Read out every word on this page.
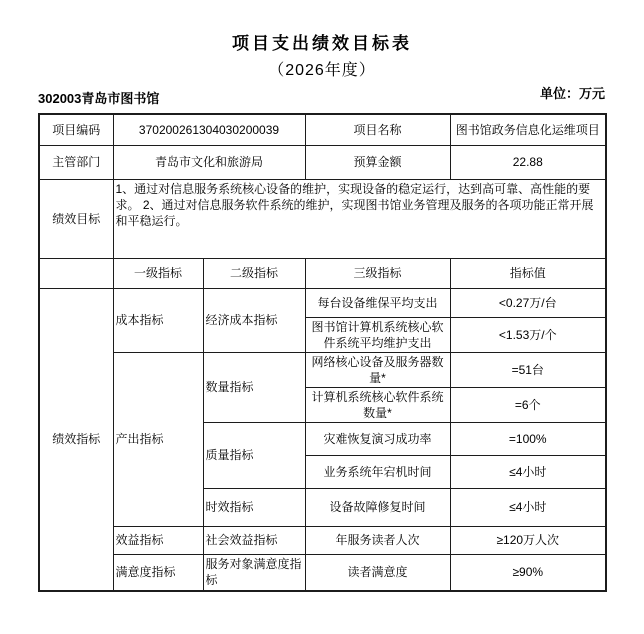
项目支出绩效目标表
（2026年度）
302003青岛市图书馆	单位：万元
项目编码	370200261304030200039		项目名称	图书馆政务信息化运维项目
主管部门	青岛市文化和旅游局		预算金额	22.88
绩效目标	1、通过对信息服务系统核心设备的维护，实现设备的稳定运行，达到高可靠、高性能的要求。 2、通过对信息服务软件系统的维护，实现图书馆业务管理及服务的各项功能正常开展和平稳运行。			
	一级指标	二级指标	三级指标	指标值
绩效指标	成本指标	经济成本指标	每台设备维保平均支出	<0.27万/台
			图书馆计算机系统核心软件系统平均维护支出	<1.53万/个
	产出指标	数量指标	网络核心设备及服务器数量*	=51台
			计算机系统核心软件系统数量*	=6个
		质量指标	灾难恢复演习成功率	=100%
			业务系统年宕机时间	≤4小时
		时效指标	设备故障修复时间	≤4小时
	效益指标	社会效益指标	年服务读者人次	≥120万人次
	满意度指标	服务对象满意度指标	读者满意度	≥90%
